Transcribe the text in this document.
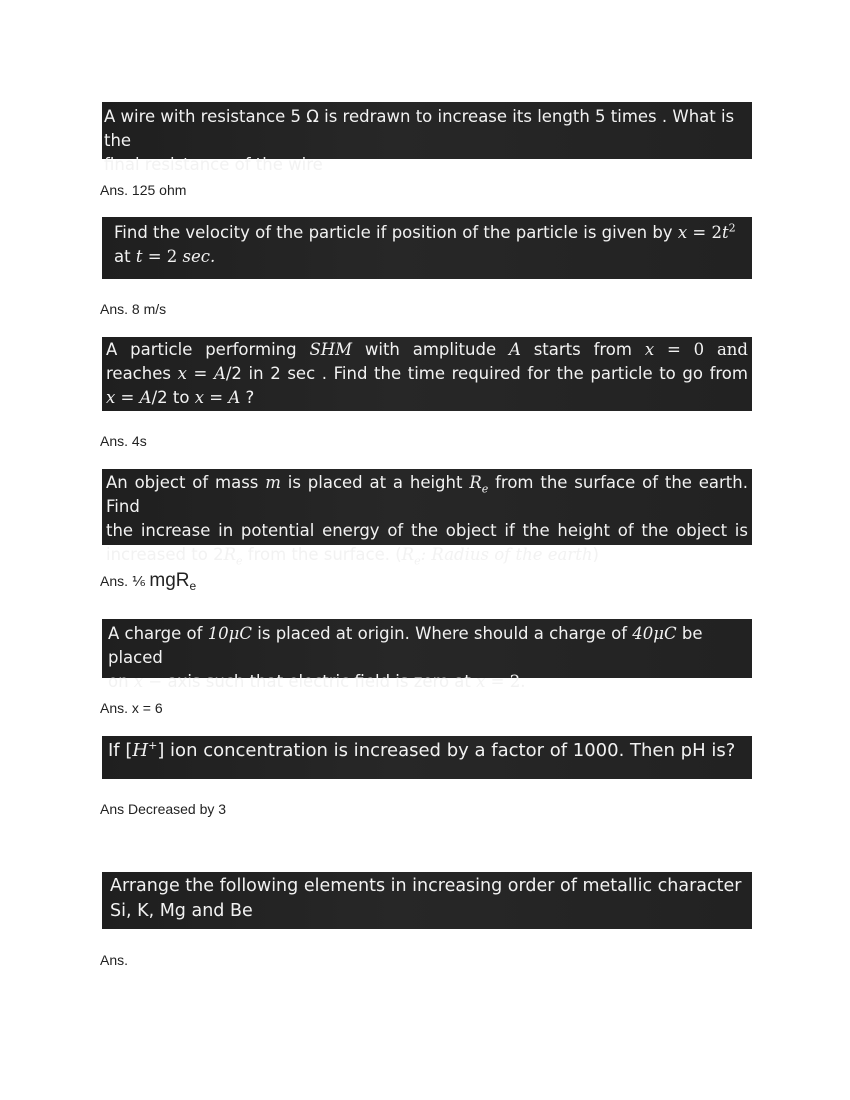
A wire with resistance 5 Ω is redrawn to increase its length 5 times . What is the
final resistance of the wire
Ans. 125 ohm
Find the velocity of the particle if position of the particle is given by $x = 2t^2$
at t = 2 sec.
Ans. 8 m/s
A particle performing SHM with amplitude A starts from x = 0 and
reaches x = A/2 in 2 sec . Find the time required for the particle to go from
x = A/2 to x = A ?
Ans. 4s
An object of mass m is placed at a height $R_e$ from the surface of the earth. Find
the increase in potential energy of the object if the height of the object is
increased to $2R_e$ from the surface. ($R_e$: Radius of the earth)
Ans. ⅙ mgR$_e$
A charge of 10μC is placed at origin. Where should a charge of 40μC be placed
on x − axis such that electric field is zero at x = 2.
Ans. x = 6
If [H+] ion concentration is increased by a factor of 1000. Then pH is?
Ans Decreased by 3
Arrange the following elements in increasing order of metallic character
Si, K, Mg and Be
Ans.
